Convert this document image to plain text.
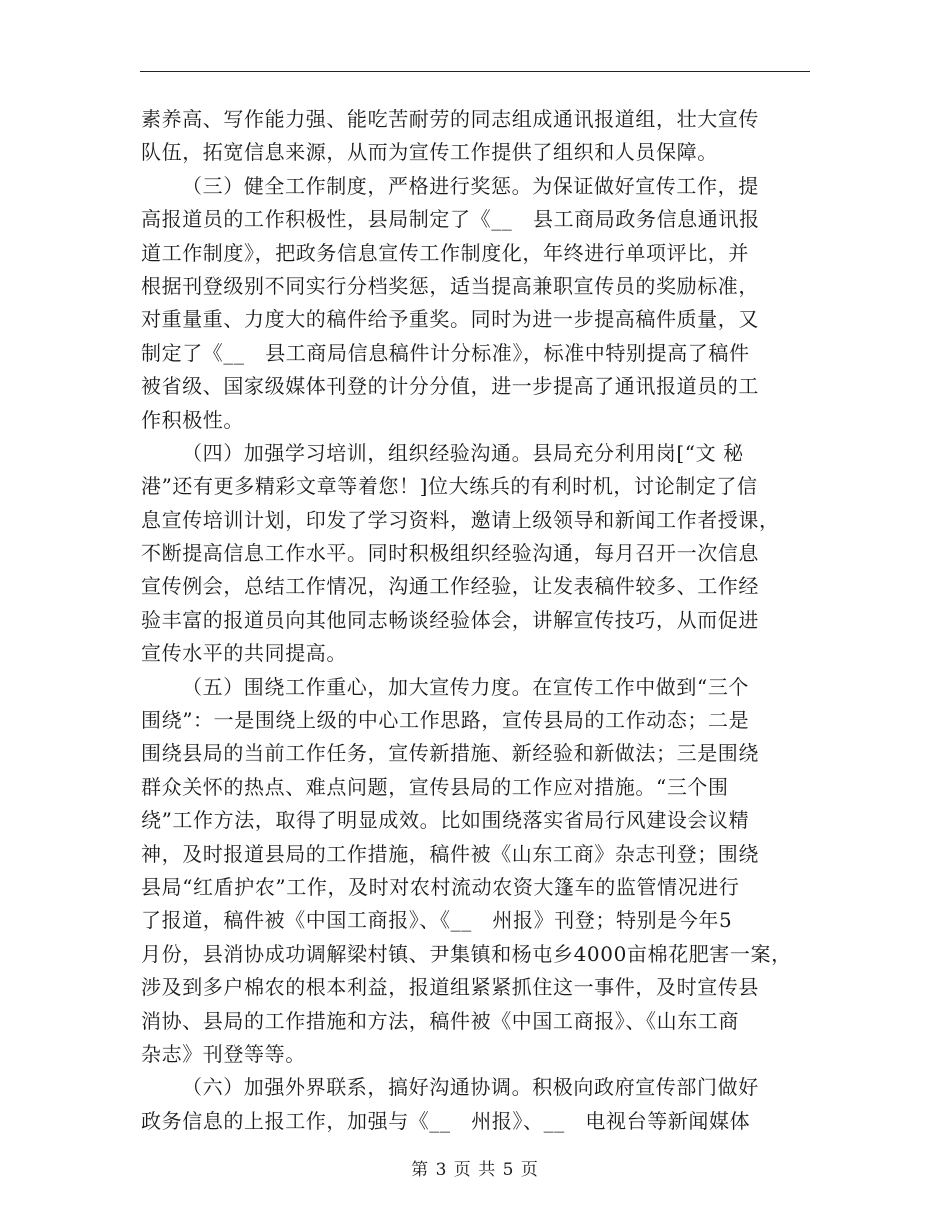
素养高、写作能力强、能吃苦耐劳的同志组成通讯报道组，壮大宣传
队伍，拓宽信息来源，从而为宣传工作提供了组织和人员保障。
（三）健全工作制度，严格进行奖惩。为保证做好宣传工作，提
高报道员的工作积极性，县局制定了《__　县工商局政务信息通讯报
道工作制度》，把政务信息宣传工作制度化，年终进行单项评比，并
根据刊登级别不同实行分档奖惩，适当提高兼职宣传员的奖励标准，
对重量重、力度大的稿件给予重奖。同时为进一步提高稿件质量，又
制定了《__　县工商局信息稿件计分标准》，标准中特别提高了稿件
被省级、国家级媒体刊登的计分分值，进一步提高了通讯报道员的工
作积极性。
（四）加强学习培训，组织经验沟通。县局充分利用岗[“文 秘
港”还有更多精彩文章等着您！]位大练兵的有利时机，讨论制定了信
息宣传培训计划，印发了学习资料，邀请上级领导和新闻工作者授课，
不断提高信息工作水平。同时积极组织经验沟通，每月召开一次信息
宣传例会，总结工作情况，沟通工作经验，让发表稿件较多、工作经
验丰富的报道员向其他同志畅谈经验体会，讲解宣传技巧，从而促进
宣传水平的共同提高。
（五）围绕工作重心，加大宣传力度。在宣传工作中做到“三个
围绕”：一是围绕上级的中心工作思路，宣传县局的工作动态；二是
围绕县局的当前工作任务，宣传新措施、新经验和新做法；三是围绕
群众关怀的热点、难点问题，宣传县局的工作应对措施。“三个围
绕”工作方法，取得了明显成效。比如围绕落实省局行风建设会议精
神，及时报道县局的工作措施，稿件被《山东工商》杂志刊登；围绕
县局“红盾护农”工作，及时对农村流动农资大篷车的监管情况进行
了报道，稿件被《中国工商报》、《__　州报》刊登；特别是今年5
月份，县消协成功调解梁村镇、尹集镇和杨屯乡4000亩棉花肥害一案，
涉及到多户棉农的根本利益，报道组紧紧抓住这一事件，及时宣传县
消协、县局的工作措施和方法，稿件被《中国工商报》、《山东工商
杂志》刊登等等。
（六）加强外界联系，搞好沟通协调。积极向政府宣传部门做好
政务信息的上报工作，加强与《__　州报》、__　电视台等新闻媒体
第 3 页 共 5 页
